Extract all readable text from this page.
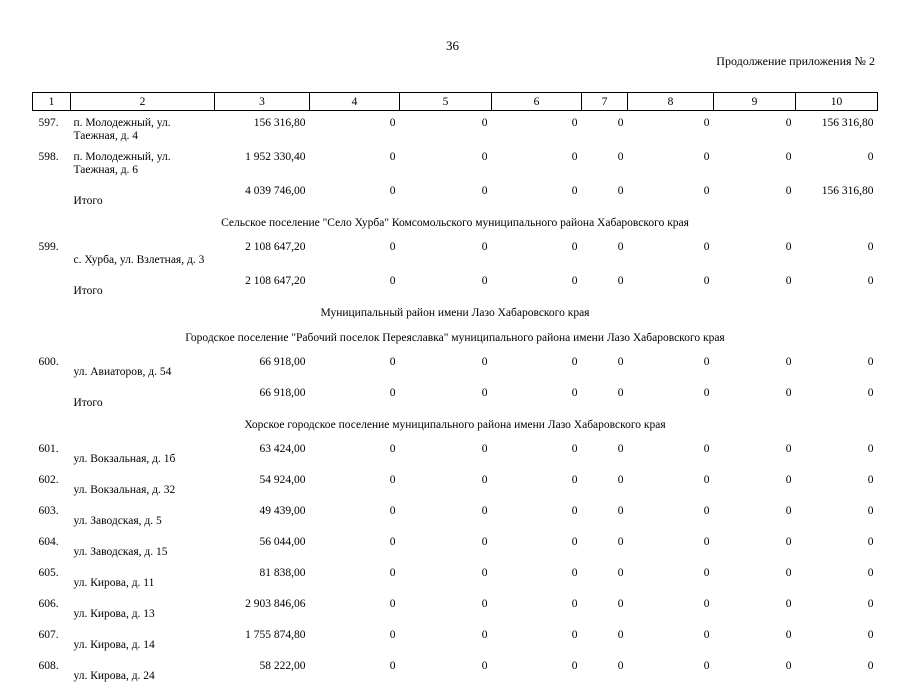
36
Продолжение приложения № 2
1	2	3	4	5	6	7	8	9	10
597.	п. Молодежный, ул. Таежная, д. 4	156 316,80	0	0	0	0	0	0	156 316,80
598.	п. Молодежный, ул. Таежная, д. 6	1 952 330,40	0	0	0	0	0	0	0
	Итого	4 039 746,00	0	0	0	0	0	0	156 316,80
Сельское поселение "Село Хурба" Комсомольского муниципального района Хабаровского края									
599.	с. Хурба, ул. Взлетная, д. 3	2 108 647,20	0	0	0	0	0	0	0
	Итого	2 108 647,20	0	0	0	0	0	0	0
Муниципальный район имени Лазо Хабаровского края									
Городское поселение "Рабочий поселок Переяславка" муниципального района имени Лазо Хабаровского края									
600.	ул. Авиаторов, д. 54	66 918,00	0	0	0	0	0	0	0
	Итого	66 918,00	0	0	0	0	0	0	0
Хорское городское поселение муниципального района имени Лазо Хабаровского края									
601.	ул. Вокзальная, д. 1б	63 424,00	0	0	0	0	0	0	0
602.	ул. Вокзальная, д. 32	54 924,00	0	0	0	0	0	0	0
603.	ул. Заводская, д. 5	49 439,00	0	0	0	0	0	0	0
604.	ул. Заводская, д. 15	56 044,00	0	0	0	0	0	0	0
605.	ул. Кирова, д. 11	81 838,00	0	0	0	0	0	0	0
606.	ул. Кирова, д. 13	2 903 846,06	0	0	0	0	0	0	0
607.	ул. Кирова, д. 14	1 755 874,80	0	0	0	0	0	0	0
608.	ул. Кирова, д. 24	58 222,00	0	0	0	0	0	0	0
